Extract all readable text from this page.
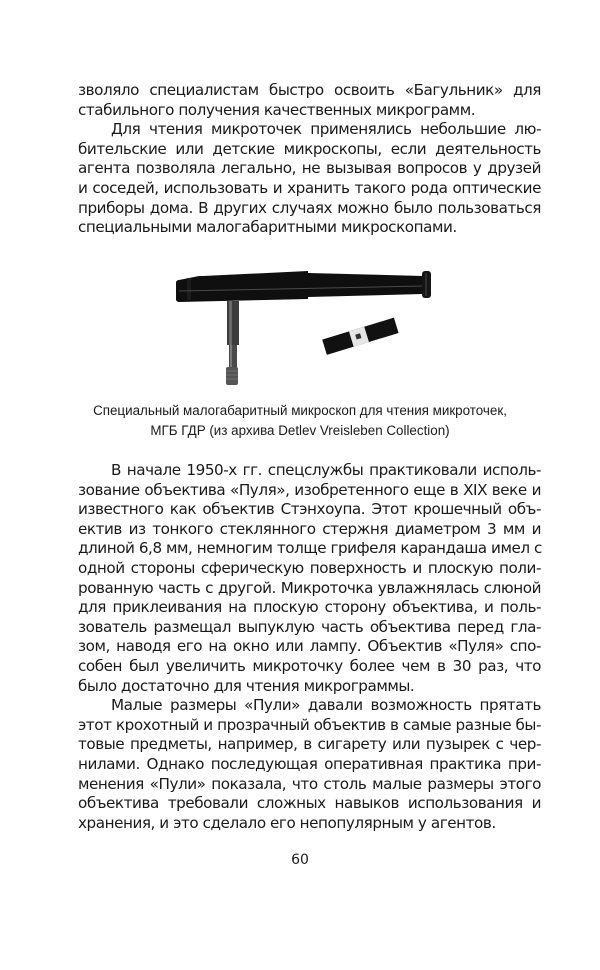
зволяло специалистам быстро освоить «Багульник» для
стабильного получения качественных микрограмм.
Для чтения микроточек применялись небольшие лю-
бительские или детские микроскопы, если деятельность
агента позволяла легально, не вызывая вопросов у друзей
и соседей, использовать и хранить такого рода оптические
приборы дома. В других случаях можно было пользоваться
специальными малогабаритными микроскопами.
Специальный малогабаритный микроскоп для чтения микроточек,
МГБ ГДР (из архива Detlev Vreisleben Collection)
В начале 1950-х гг. спецслужбы практиковали исполь-
зование объектива «Пуля», изобретенного еще в XIX веке и
известного как объектив Стэнхоупа. Этот крошечный объ-
ектив из тонкого стеклянного стержня диаметром 3 мм и
длиной 6,8 мм, немногим толще грифеля карандаша имел с
одной стороны сферическую поверхность и плоскую поли-
рованную часть с другой. Микроточка увлажнялась слюной
для приклеивания на плоскую сторону объектива, и поль-
зователь размещал выпуклую часть объектива перед гла-
зом, наводя его на окно или лампу. Объектив «Пуля» спо-
собен был увеличить микроточку более чем в 30 раз, что
было достаточно для чтения микрограммы.
Малые размеры «Пули» давали возможность прятать
этот крохотный и прозрачный объектив в самые разные бы-
товые предметы, например, в сигарету или пузырек с чер-
нилами. Однако последующая оперативная практика при-
менения «Пули» показала, что столь малые размеры этого
объектива требовали сложных навыков использования и
хранения, и это сделало его непопулярным у агентов.
60
